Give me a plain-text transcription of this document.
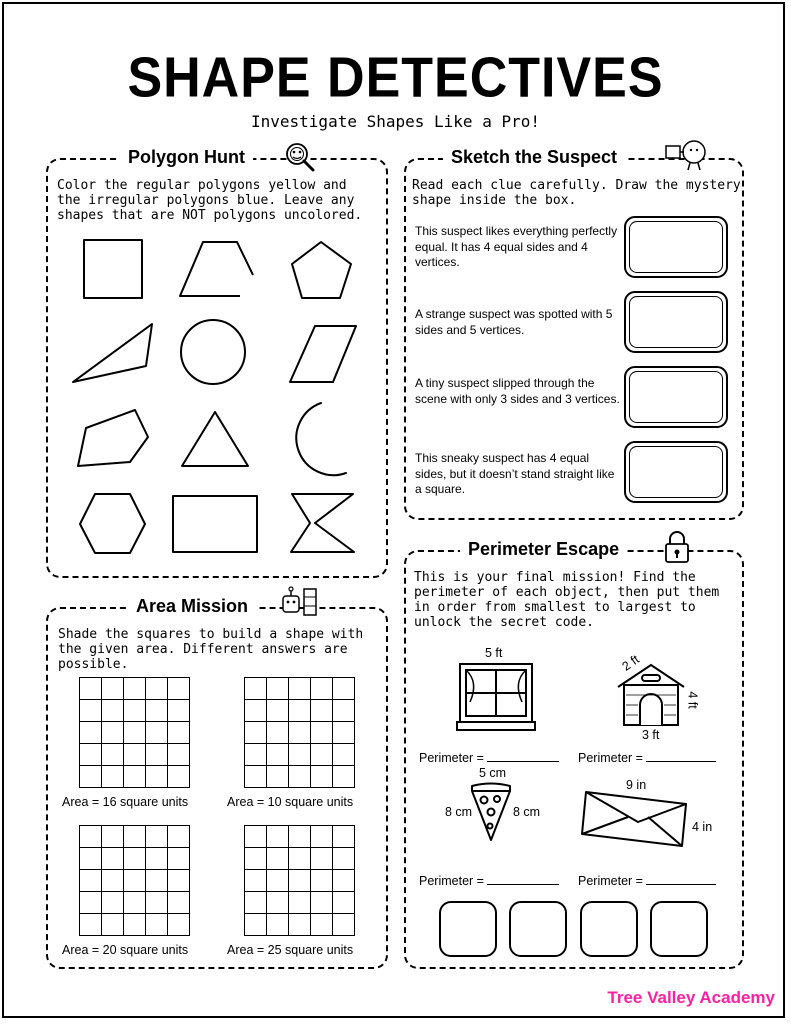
SHAPE DETECTIVES
Investigate Shapes Like a Pro!
Polygon Hunt
Color the regular polygons yellow and
the irregular polygons blue. Leave any
shapes that are NOT polygons uncolored.
Sketch the Suspect
Read each clue carefully. Draw the mystery
shape inside the box.
This suspect likes everything perfectly equal. It has 4 equal sides and 4 vertices.
A strange suspect was spotted with 5 sides and 5 vertices.
A tiny suspect slipped through the scene with only 3 sides and 3 vertices.
This sneaky suspect has 4 equal sides, but it doesn’t stand straight like a square.
Area Mission
Shade the squares to build a shape with
the given area. Different answers are
possible.
Area = 16 square units	Area = 10 square units
Area = 20 square units	Area = 25 square units
Perimeter Escape
This is your final mission! Find the
perimeter of each object, then put them
in order from smallest to largest to
unlock the secret code.
5 ft	2 ft
4 ft
3 ft
Perimeter =	Perimeter =
5 cm
8 cm	8 cm
9 in
4 in
Perimeter =	Perimeter =
Tree Valley Academy
